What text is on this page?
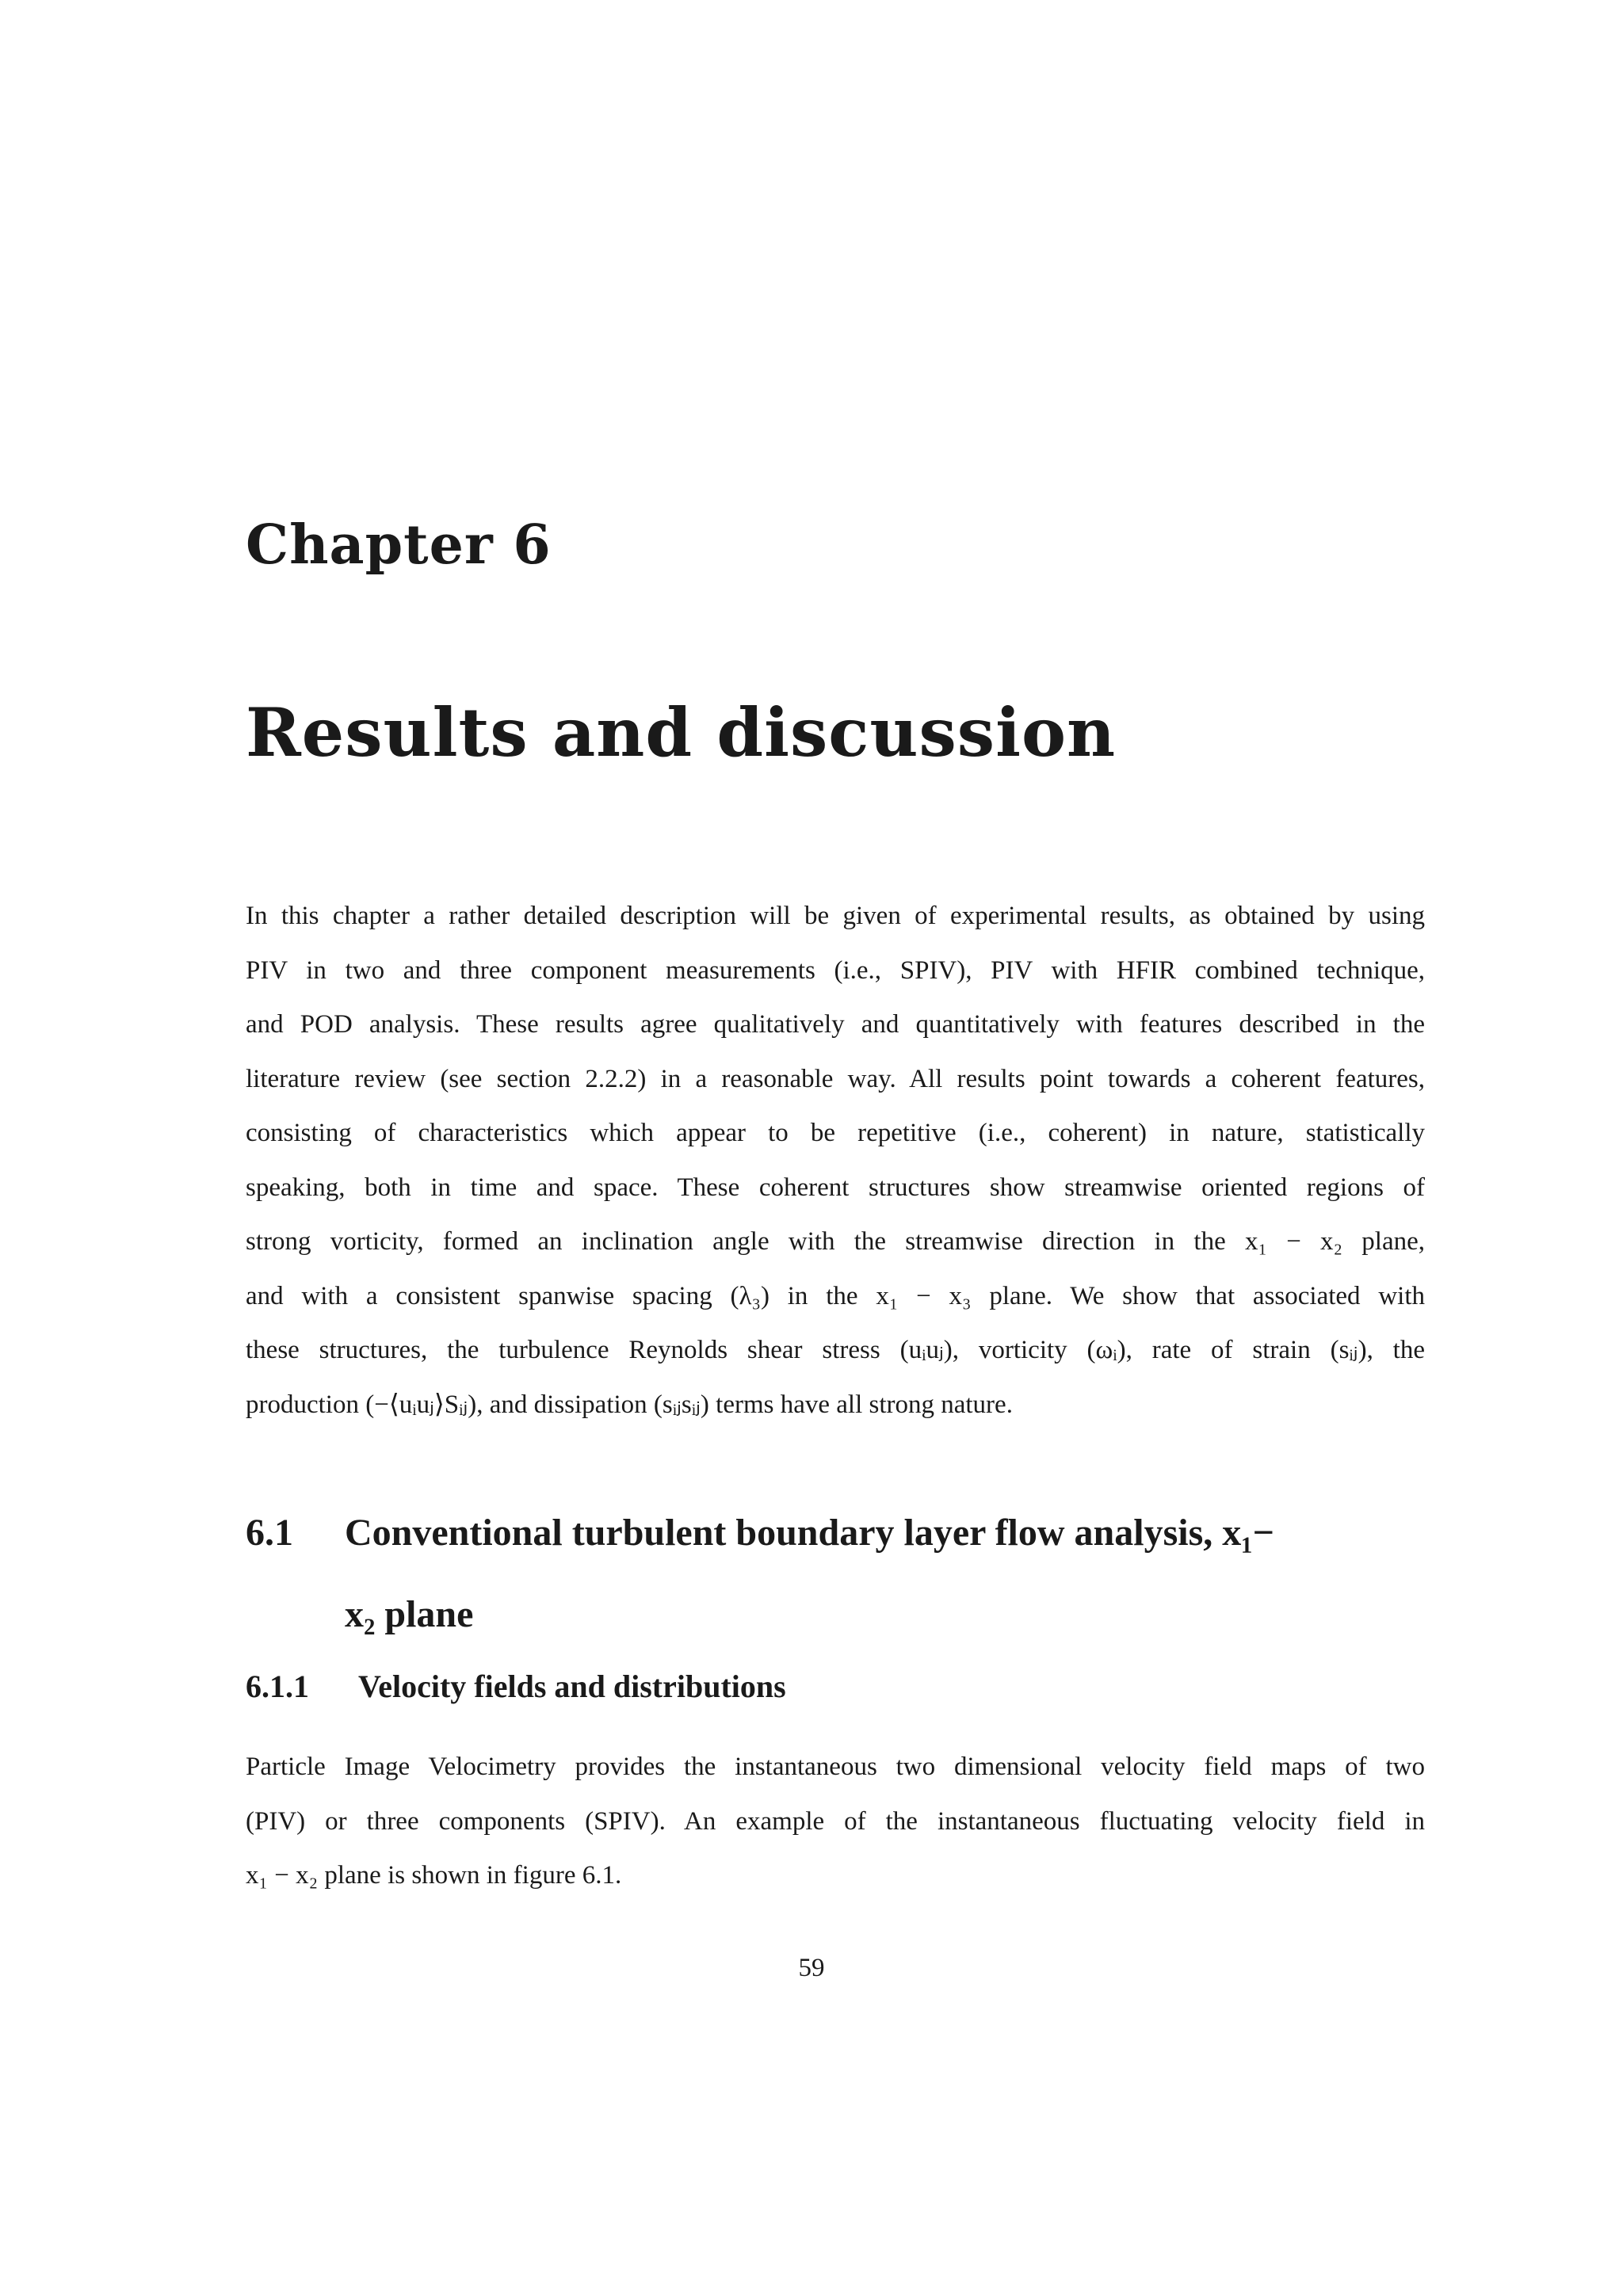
Chapter 6
Results and discussion

In this chapter a rather detailed description will be given of experimental results, as obtained by using
PIV in two and three component measurements (i.e., SPIV), PIV with HFIR combined technique,
and POD analysis. These results agree qualitatively and quantitatively with features described in the
literature review (see section 2.2.2) in a reasonable way. All results point towards a coherent features,
consisting of characteristics which appear to be repetitive (i.e., coherent) in nature, statistically
speaking, both in time and space. These coherent structures show streamwise oriented regions of
strong vorticity, formed an inclination angle with the streamwise direction in the x₁ − x₂ plane,
and with a consistent spanwise spacing (λ₃) in the x₁ − x₃ plane. We show that associated with
these structures, the turbulence Reynolds shear stress (uᵢuⱼ), vorticity (ωᵢ), rate of strain (sᵢⱼ), the
production (−⟨uᵢuⱼ⟩Sᵢⱼ), and dissipation (sᵢⱼsᵢⱼ) terms have all strong nature.

6.1 Conventional turbulent boundary layer flow analysis, x₁−
x₂ plane
6.1.1 Velocity fields and distributions

Particle Image Velocimetry provides the instantaneous two dimensional velocity field maps of two
(PIV) or three components (SPIV). An example of the instantaneous fluctuating velocity field in
x₁ − x₂ plane is shown in figure 6.1.

59
